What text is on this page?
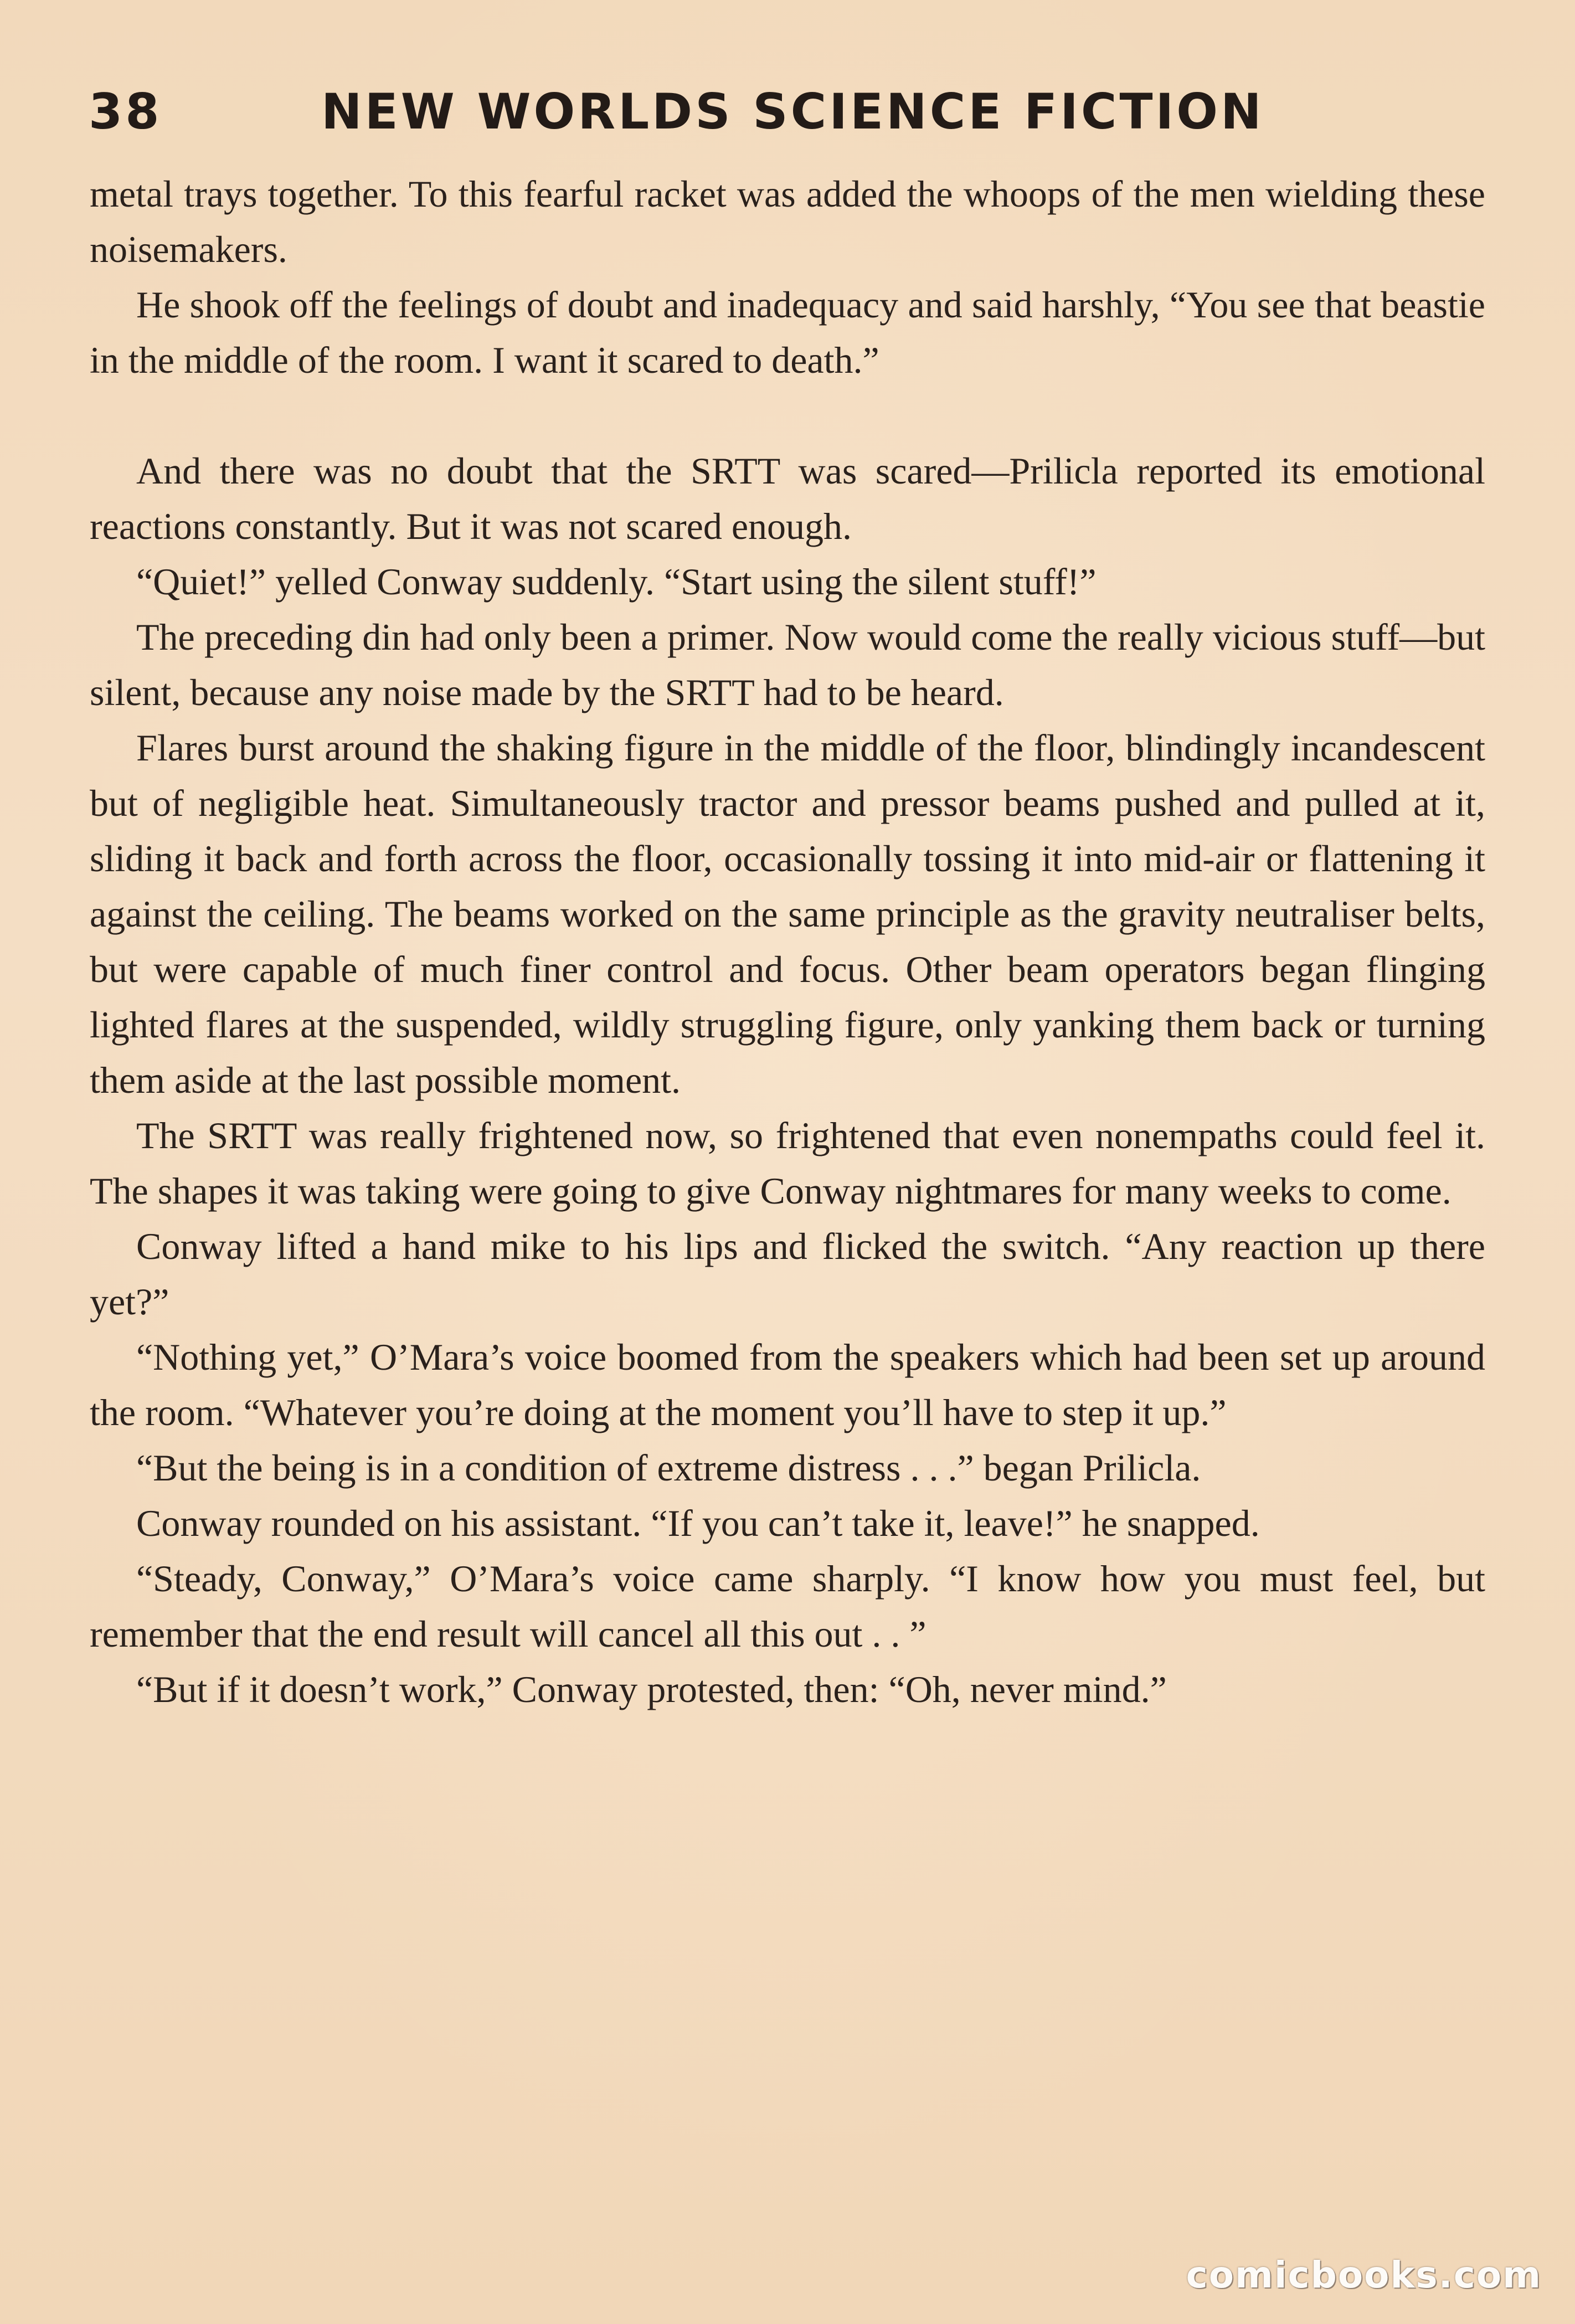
38	NEW WORLDS SCIENCE FICTION

metal trays together. To this fearful racket was added the whoops of the men wielding these noisemakers.

He shook off the feelings of doubt and inadequacy and said harshly, “You see that beastie in the middle of the room. I want it scared to death.”

And there was no doubt that the SRTT was scared—Prilicla reported its emotional reactions constantly. But it was not scared enough.

“Quiet!” yelled Conway suddenly. “Start using the silent stuff!”

The preceding din had only been a primer. Now would come the really vicious stuff—but silent, because any noise made by the SRTT had to be heard.

Flares burst around the shaking figure in the middle of the floor, blindingly incandescent but of negligible heat. Simultaneously tractor and pressor beams pushed and pulled at it, sliding it back and forth across the floor, occasionally tossing it into mid-air or flattening it against the ceiling. The beams worked on the same principle as the gravity neutraliser belts, but were capable of much finer control and focus. Other beam operators began flinging lighted flares at the suspended, wildly struggling figure, only yanking them back or turning them aside at the last possible moment.

The SRTT was really frightened now, so frightened that even nonempaths could feel it. The shapes it was taking were going to give Conway nightmares for many weeks to come.

Conway lifted a hand mike to his lips and flicked the switch. “Any reaction up there yet?”

“Nothing yet,” O’Mara’s voice boomed from the speakers which had been set up around the room. “Whatever you’re doing at the moment you’ll have to step it up.”

“But the being is in a condition of extreme distress . . .” began Prilicla.

Conway rounded on his assistant. “If you can’t take it, leave!” he snapped.

“Steady, Conway,” O’Mara’s voice came sharply. “I know how you must feel, but remember that the end result will cancel all this out . . ”

“But if it doesn’t work,” Conway protested, then: “Oh, never mind.”

comicbooks.com
